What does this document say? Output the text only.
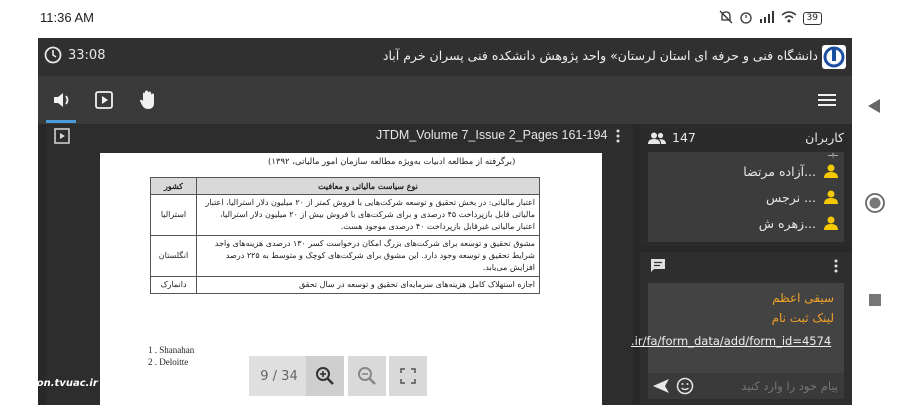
11:36 AM	39
33:08	دانشگاه فنی و حرفه ای استان لرستان» واحد پژوهش دانشکده فنی پسران خرم آباد
JTDM_Volume 7_Issue 2_Pages 161-194
(برگرفته از مطالعه ادبیات به‌ویژه مطالعه سازمان امور مالیاتی، ۱۳۹۲)
کشور	نوع سیاست مالیاتی و معافیت
استرالیا	اعتبار مالیاتی: در بخش تحقیق و توسعه شرکت‌هایی با فروش کمتر از ۲۰ میلیون دلار استرالیا، اعتبار مالیاتی قابل بازپرداخت ۴۵ درصدی و برای شرکت‌های با فروش بیش از ۲۰ میلیون دلار استرالیا، اعتبار مالیاتی غیرقابل بازپرداخت ۴۰ درصدی موجود هست.
انگلستان	مشوق تحقیق و توسعه برای شرکت‌های بزرگ امکان درخواست کسر ۱۳۰ درصدی هزینه‌های واجد شرایط تحقیق و توسعه وجود دارد. این مشوق برای شرکت‌های کوچک و متوسط به ۲۲۵ درصد افزایش می‌یابد.
دانمارک	اجازه استهلاک کامل هزینه‌های سرمایه‌ای تحقیق و توسعه در سال تحقق
1 . Shanahan
2 . Deloitte
9 / 34
147	کاربران
ـیـ
آزاده مرتضا...
نرجس ...
زهره ش...
سیفی اعظم
لینک ثبت نام
پیام خود را وارد کنید
.ir/fa/form_data/add/form_id=4574
loreston.tvuac.ir
